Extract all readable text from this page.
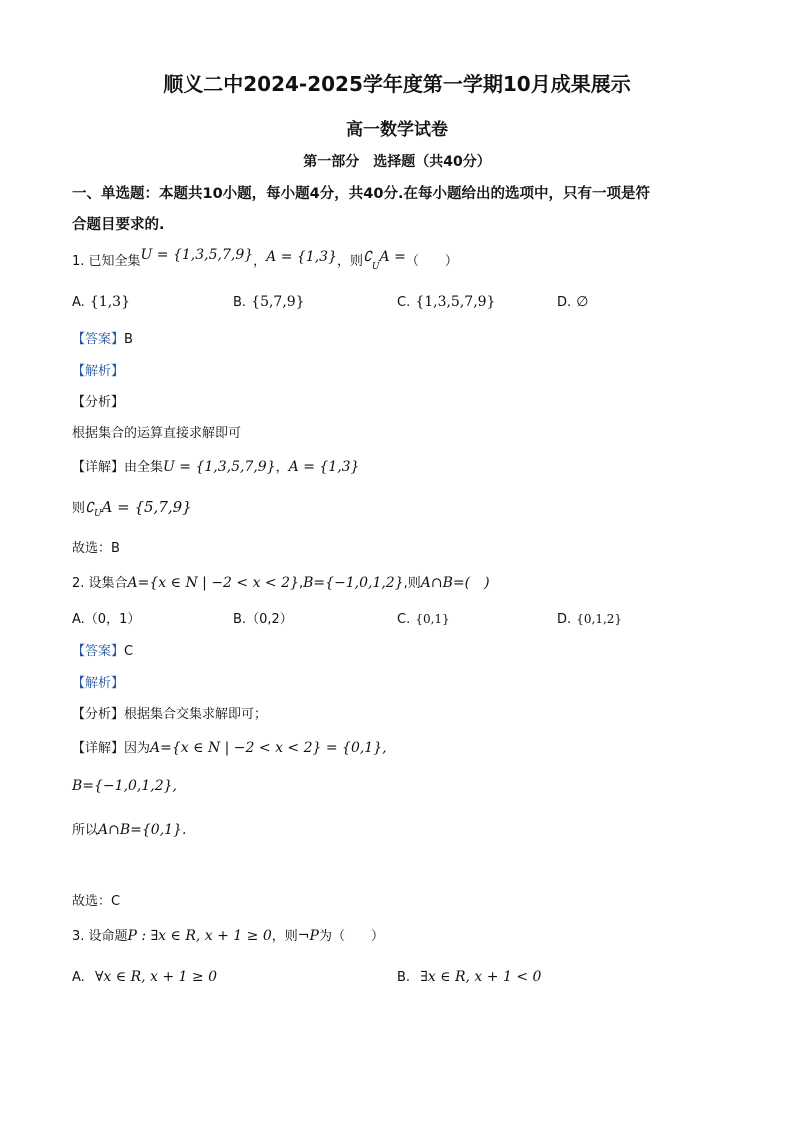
顺义二中2024-2025学年度第一学期10月成果展示
高一数学试卷
第一部分　选择题（共40分）
一、单选题：本题共10小题，每小题4分，共40分.在每小题给出的选项中，只有一项是符
合题目要求的.
1. 已知全集U = {1,3,5,7,9}，A = {1,3}，则$∁_UA$ =（　　）
A. {1,3}	B. {5,7,9}	C. {1,3,5,7,9}	D. ∅
【答案】B
【解析】
【分析】
根据集合的运算直接求解即可
【详解】由全集U = {1,3,5,7,9}，A = {1,3}
则$∁_UA = \{5,7,9\}$
故选：B
2. 设集合A={x ∈ N | −2 < x < 2},B={−1,0,1,2},则A∩B=(　)
A.（0，1）	B.（0,2）	C. {0,1}	D. {0,1,2}
【答案】C
【解析】
【分析】根据集合交集求解即可；
【详解】因为A={x ∈ N | −2 < x < 2} = {0,1},
B={−1,0,1,2},
所以A∩B={0,1}.
故选：C
3. 设命题P : ∃x ∈ R, x + 1 ≥ 0，则¬P为（　　）
A. ∀x ∈ R, x + 1 ≥ 0	B. ∃x ∈ R, x + 1 < 0
